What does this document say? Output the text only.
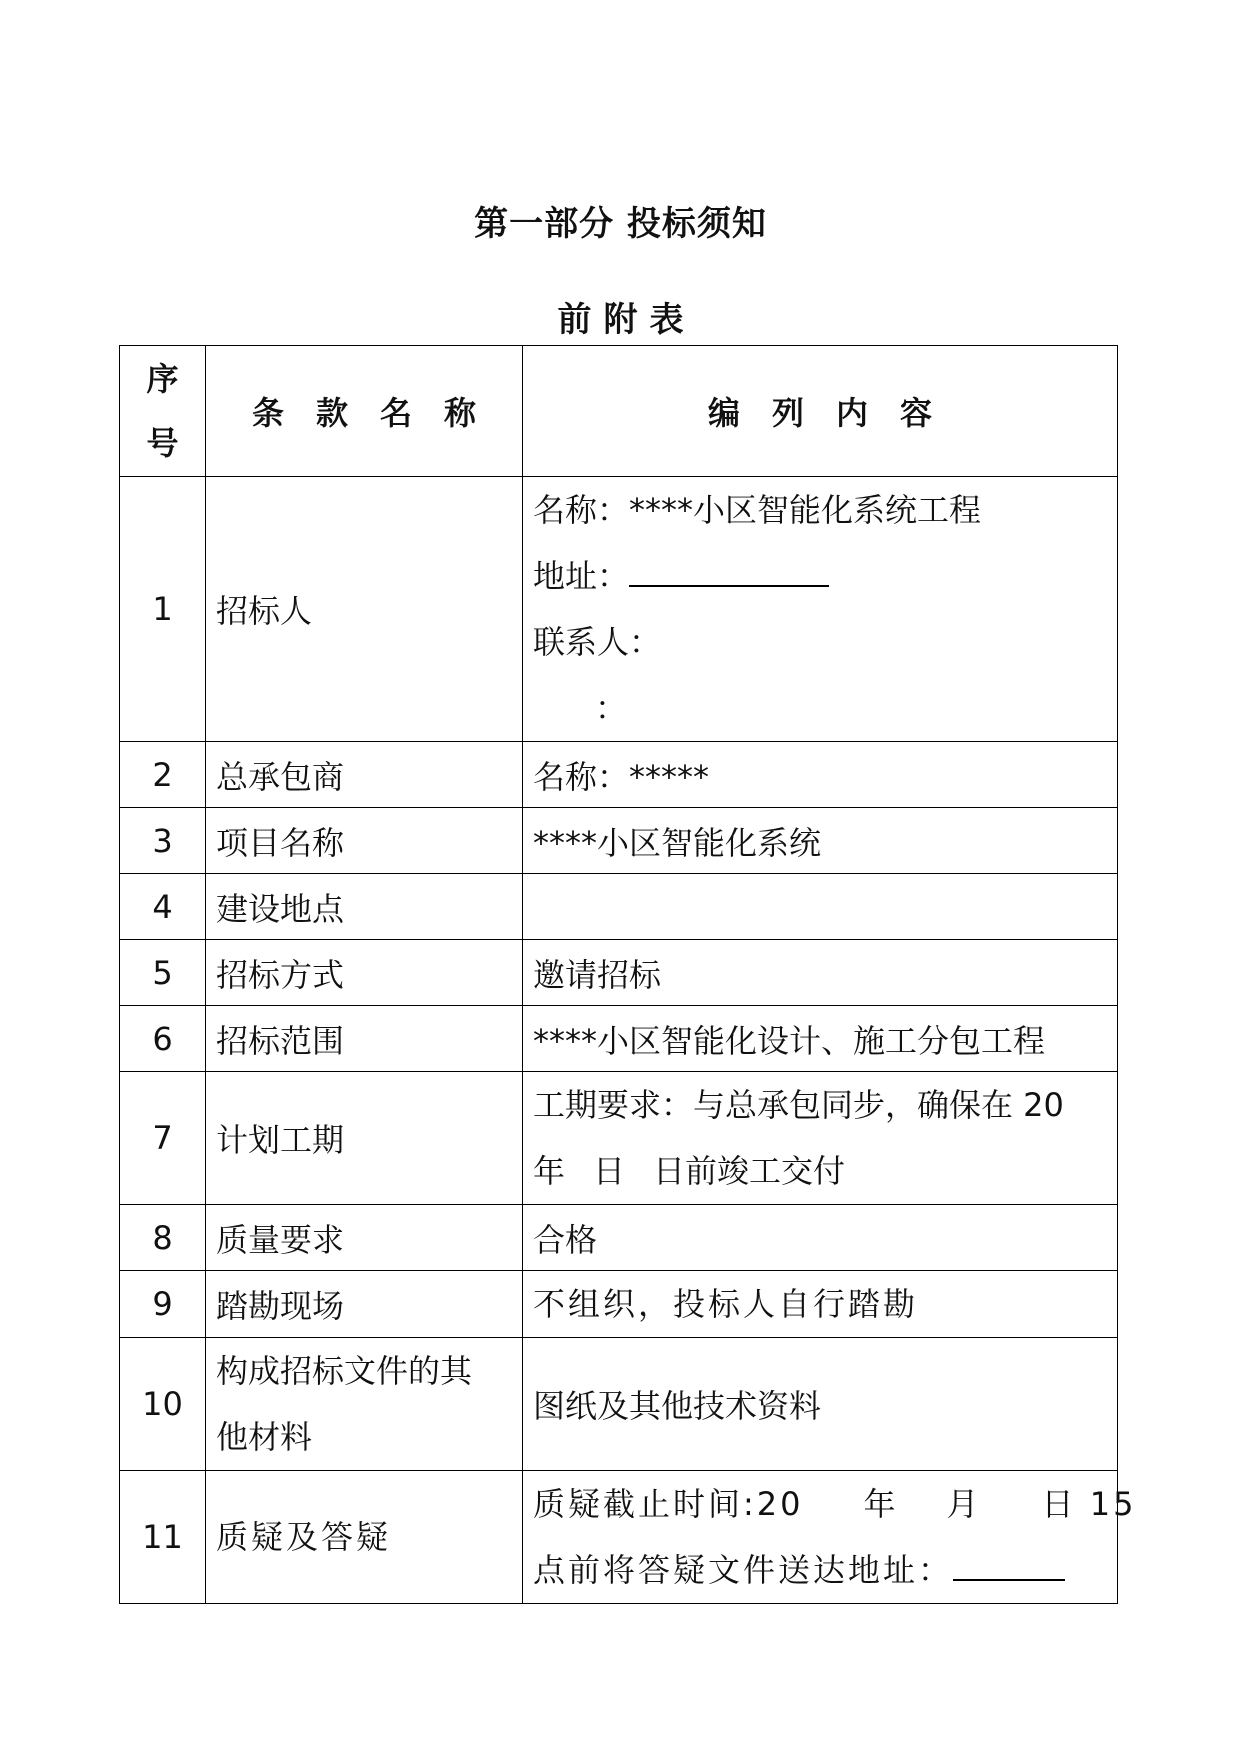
第一部分 投标须知
前附表
序
号	条款名称	编列内容
1	招标人	名称：****小区智能化系统工程
地址：
联系人：
：

2	总承包商	名称：*****
3	项目名称	****小区智能化系统
4	建设地点	
5	招标方式	邀请招标
6	招标范围	****小区智能化设计、施工分包工程
7	计划工期	工期要求：与总承包同步，确保在 20
年 日 日前竣工交付

8	质量要求	合格
9	踏勘现场	不组织，投标人自行踏勘

10	构成招标文件的其
他材料	图纸及其他技术资料
11	质疑及答疑	质疑截止时间:20 年 月 日 15
点前将答疑文件送达地址：
